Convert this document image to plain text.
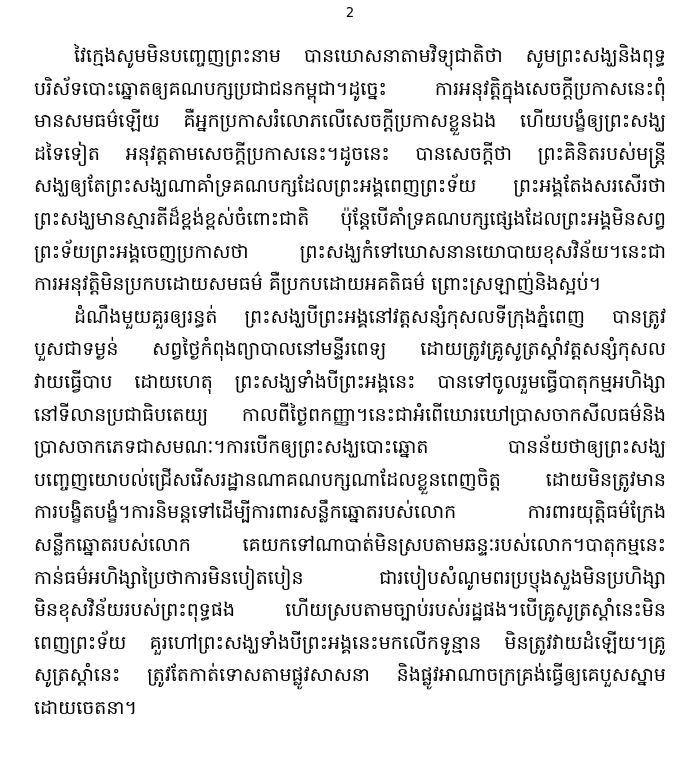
2
វៃក្មេងសូមមិនបញ្ចេញព្រះនាម បានឃោសនាតាមវិទ្យុជាតិថា សូមព្រះសង្ឃនិងពុទ្ធ
បរិស័ទបោះឆ្នោតឲ្យគណបក្សប្រជាជនកម្ពុជា។ដូច្នេះ ការអនុវត្តិក្នុងសេចក្តីប្រកាសនេះពុំ
មានសមធម៌ឡើយ គឺអ្នកប្រកាសរំលោភលើសេចក្តីប្រកាសខ្លួនឯង ហើយបង្ខំឲ្យព្រះសង្ឃ
ដទៃទៀត អនុវត្តតាមសេចក្តីប្រកាសនេះ។ដូចនេះ បានសេចក្តីថា ព្រះគិនិតរបស់មន្ត្រី
សង្ឃឲ្យតែព្រះសង្ឃណាគាំទ្រគណបក្សដែលព្រះអង្គពេញព្រះទ័យ ព្រះអង្គតែងសរសើរថា
ព្រះសង្ឃមានស្មារតីដ៏ខ្ពង់ខ្ពស់ចំពោះជាតិ ប៉ុន្តែបើគាំទ្រគណបក្សផ្សេងដែលព្រះអង្គមិនសព្វ
ព្រះទ័យព្រះអង្គចេញប្រកាសថា ព្រះសង្ឃកំទៅឃោសនានយោបាយខុសវិន័យ។នេះជា
ការអនុវត្តិមិនប្រកបដោយសមធម៌ គឺប្រកបដោយអគតិធម៌ ព្រោះស្រឡាញ់និងស្អប់។
ដំណឹងមួយគួរឲ្យរន្ធត់ ព្រះសង្ឃបីព្រះអង្គនៅវត្តសន្សំកុសលទីក្រុងភ្នំពេញ បានត្រូវ
បួសជាទម្ងន់ សព្វថ្ងៃកំពុងព្យាបាលនៅមន្ទីរពេទ្យ ដោយត្រូវគ្រូសូត្រស្តាំវត្តសន្សំកុសល
វាយធ្វើបាប ដោយហេតុ ព្រះសង្ឃទាំងបីព្រះអង្គនេះ បានទៅចូលរួមធ្វើបាតុកម្មអហិង្សា
នៅទីលានប្រជាធិបតេយ្យ កាលពីថ្ងៃពកញ្ញា។នេះជាអំពើឃោរឃៅប្រាសចាកសីលធម៌និង
ប្រាសចាកភេទជាសមណៈ។ការបើកឲ្យព្រះសង្ឃបោះឆ្នោត បានន័យថាឲ្យព្រះសង្ឃ
បញ្ចេញយោបល់ជ្រើសរើសរដ្ឋានណាគណបក្សណាដែលខ្លួនពេញចិត្ត ដោយមិនត្រូវមាន
ការបង្ខិតបង្ខំ។ការនិមន្តទៅដើម្បីការពារសន្លឹកឆ្នោតរបស់លោក ការពារយុត្តិធម៌ក្រែង
សន្លឹកឆ្នោតរបស់លោក គេយកទៅណាបាត់មិនស្របតាមឆន្ទៈរបស់លោក។បាតុកម្មនេះ
កាន់ធម៌អហិង្សាប្រៃថាការមិនបៀតបៀន ជារបៀបសំណូមពរប្រប្ញុងសួងមិនប្រហិង្សា
មិនខុសវិន័យរបស់ព្រះពុទ្ធផង ហើយស្របតាមច្បាប់របស់រដ្ឋផង។បើគ្រូសូត្រស្តាំនេះមិន
ពេញព្រះទ័យ គួរហៅព្រះសង្ឃទាំងបីព្រះអង្គនេះមកលើកទូន្មាន មិនត្រូវវាយដំឡើយ។គ្រូ
សូត្រស្តាំនេះ ត្រូវតែកាត់ទោសតាមផ្លូវសាសនា និងផ្លូវអាណាចក្រគ្រង់ធ្វើឲ្យគេបួសស្នាម
ដោយចេតនា។
